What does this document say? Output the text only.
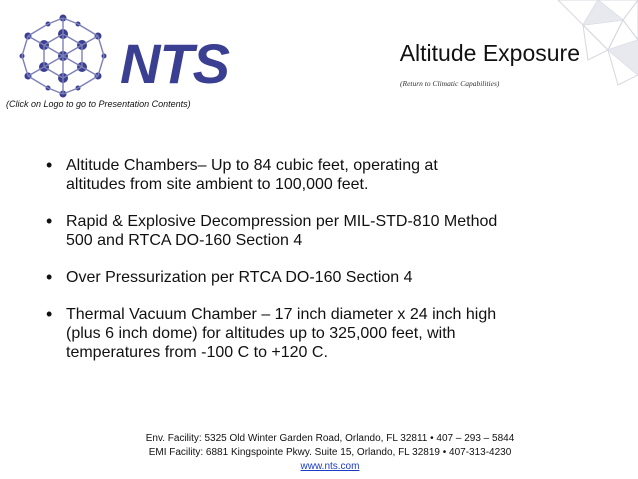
NTS
(Click on Logo to go to Presentation Contents)
Altitude Exposure
(Return to Climatic Capabilities)
• Altitude Chambers– Up to 84 cubic feet, operating at
altitudes from site ambient to 100,000 feet.
• Rapid & Explosive Decompression per MIL-STD-810 Method
500 and RTCA DO-160 Section 4
• Over Pressurization per RTCA DO-160 Section 4
• Thermal Vacuum Chamber – 17 inch diameter x 24 inch high
(plus 6 inch dome) for altitudes up to 325,000 feet, with
temperatures from -100 C to +120 C.
Env. Facility: 5325 Old Winter Garden Road, Orlando, FL 32811 • 407 – 293 – 5844
EMI Facility: 6881 Kingspointe Pkwy. Suite 15, Orlando, FL 32819 • 407-313-4230
www.nts.com
